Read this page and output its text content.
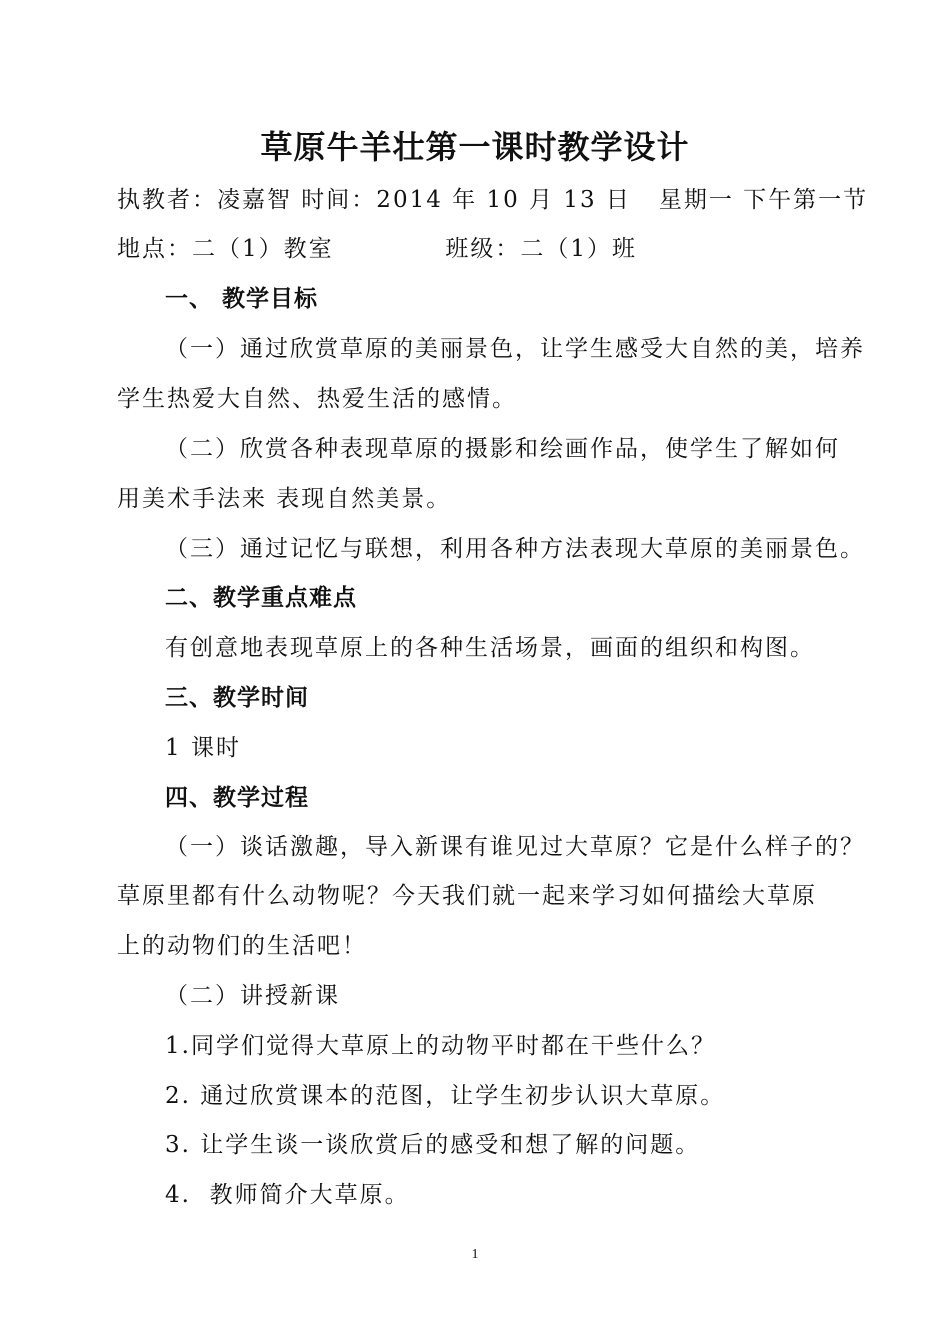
草原牛羊壮第一课时教学设计
执教者：凌嘉智 时间：2014 年 10 月 13 日   星期一 下午第一节
地点：二（1）教室            班级：二（1）班
一、 教学目标
（一）通过欣赏草原的美丽景色，让学生感受大自然的美，培养
学生热爱大自然、热爱生活的感情。
（二）欣赏各种表现草原的摄影和绘画作品，使学生了解如何
用美术手法来 表现自然美景。
（三）通过记忆与联想，利用各种方法表现大草原的美丽景色。
二、教学重点难点
有创意地表现草原上的各种生活场景，画面的组织和构图。
三、教学时间
1 课时
四、教学过程
（一）谈话激趣，导入新课有谁见过大草原？它是什么样子的？
草原里都有什么动物呢？今天我们就一起来学习如何描绘大草原
上的动物们的生活吧！
（二）讲授新课
1.同学们觉得大草原上的动物平时都在干些什么？
2. 通过欣赏课本的范图，让学生初步认识大草原。
3. 让学生谈一谈欣赏后的感受和想了解的问题。
4.  教师简介大草原。
1
